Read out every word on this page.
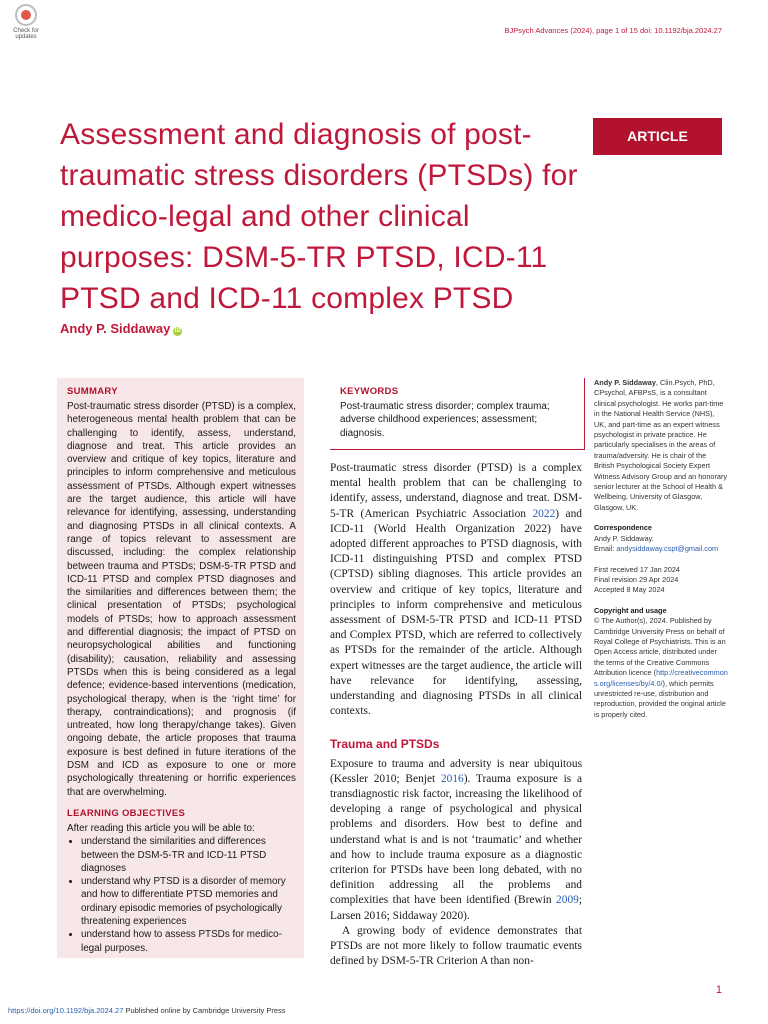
Check for updates
BJPsych Advances (2024), page 1 of 15 doi: 10.1192/bja.2024.27
Assessment and diagnosis of post-traumatic stress disorders (PTSDs) for medico-legal and other clinical purposes: DSM-5-TR PTSD, ICD-11 PTSD and ICD-11 complex PTSD
ARTICLE
Andy P. Siddaway iD

SUMMARY

Post-traumatic stress disorder (PTSD) is a complex, heterogeneous mental health problem that can be challenging to identify, assess, understand, diagnose and treat. This article provides an overview and critique of key topics, literature and principles to inform comprehensive and meticulous assessment of PTSDs. Although expert witnesses are the target audience, this article will have relevance for identifying, assessing, understanding and diagnosing PTSDs in all clinical contexts. A range of topics relevant to assessment are discussed, including: the complex relationship between trauma and PTSDs; DSM-5-TR PTSD and ICD-11 PTSD and complex PTSD diagnoses and the similarities and differences between them; the clinical presentation of PTSDs; psychological models of PTSDs; how to approach assessment and differential diagnosis; the impact of PTSD on neuropsychological abilities and functioning (disability); causation, reliability and assessing PTSDs when this is being considered as a legal defence; evidence-based interventions (medication, psychological therapy, when is the ‘right time’ for therapy, contraindications); and prognosis (if untreated, how long therapy/change takes). Given ongoing debate, the article proposes that trauma exposure is best defined in future iterations of the DSM and ICD as exposure to one or more psychologically threatening or horrific experiences that are overwhelming.

LEARNING OBJECTIVES

After reading this article you will be able to:

• understand the similarities and differences between the DSM-5-TR and ICD-11 PTSD diagnoses
• understand why PTSD is a disorder of memory and how to differentiate PTSD memories and ordinary episodic memories of psychologically threatening experiences
• understand how to assess PTSDs for medico-legal purposes.

KEYWORDS

Post-traumatic stress disorder; complex trauma; adverse childhood experiences; assessment; diagnosis.

Post-traumatic stress disorder (PTSD) is a complex mental health problem that can be challenging to identify, assess, understand, diagnose and treat. DSM-5-TR (American Psychiatric Association 2022) and ICD-11 (World Health Organization 2022) have adopted different approaches to PTSD diagnosis, with ICD-11 distinguishing PTSD and complex PTSD (CPTSD) sibling diagnoses. This article provides an overview and critique of key topics, literature and principles to inform comprehensive and meticulous assessment of DSM-5-TR PTSD and ICD-11 PTSD and Complex PTSD, which are referred to collectively as PTSDs for the remainder of the article. Although expert witnesses are the target audience, the article will have relevance for identifying, assessing, understanding and diagnosing PTSDs in all clinical contexts.

Trauma and PTSDs

Exposure to trauma and adversity is near ubiquitous (Kessler 2010; Benjet 2016). Trauma exposure is a transdiagnostic risk factor, increasing the likelihood of developing a range of psychological and physical problems and disorders. How best to define and understand what is and is not ‘traumatic’ and whether and how to include trauma exposure as a diagnostic criterion for PTSDs have been long debated, with no definition addressing all the problems and complexities that have been identified (Brewin 2009; Larsen 2016; Siddaway 2020).

A growing body of evidence demonstrates that PTSDs are not more likely to follow traumatic events defined by DSM-5-TR Criterion A than non-

Andy P. Siddaway, Clin.Psych, PhD, CPsychol, AFBPsS, is a consultant clinical psychologist. He works part-time in the National Health Service (NHS), UK, and part-time as an expert witness psychologist in private practice. He particularly specialises in the areas of trauma/adversity. He is chair of the British Psychological Society Expert Witness Advisory Group and an honorary senior lecturer at the School of Health & Wellbeing, University of Glasgow, Glasgow, UK.

Correspondence

Andy P. Siddaway.

Email: andysiddaway.cspt@gmail.com

First received 17 Jan 2024

Final revision 29 Apr 2024

Accepted 8 May 2024

Copyright and usage

© The Author(s), 2024. Published by Cambridge University Press on behalf of Royal College of Psychiatrists. This is an Open Access article, distributed under the terms of the Creative Commons Attribution licence (http://creativecommons.org/licenses/by/4.0/), which permits unrestricted re-use, distribution and reproduction, provided the original article is properly cited.

1
https://doi.org/10.1192/bja.2024.27 Published online by Cambridge University Press
